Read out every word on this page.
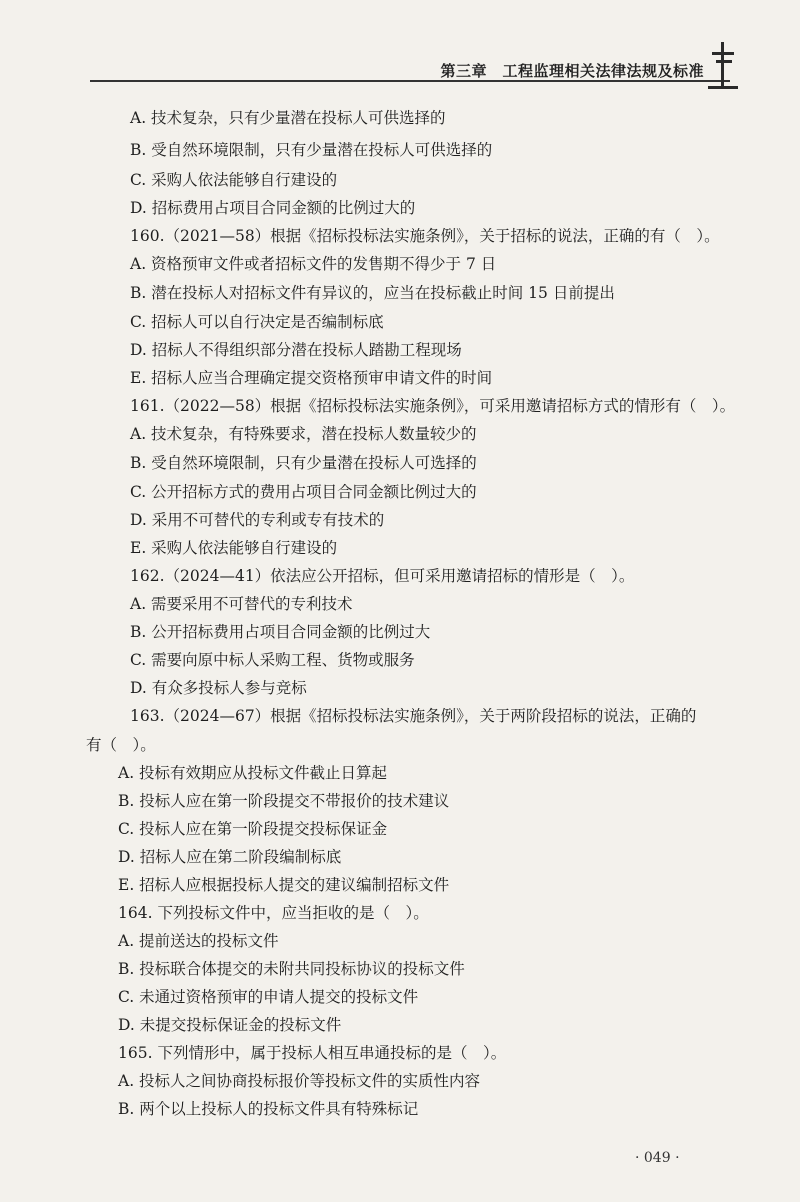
第三章　工程监理相关法律法规及标准
A. 技术复杂，只有少量潜在投标人可供选择的
B. 受自然环境限制，只有少量潜在投标人可供选择的
C. 采购人依法能够自行建设的
D. 招标费用占项目合同金额的比例过大的
160.（2021—58）根据《招标投标法实施条例》，关于招标的说法，正确的有（　）。
A. 资格预审文件或者招标文件的发售期不得少于 7 日
B. 潜在投标人对招标文件有异议的，应当在投标截止时间 15 日前提出
C. 招标人可以自行决定是否编制标底
D. 招标人不得组织部分潜在投标人踏勘工程现场
E. 招标人应当合理确定提交资格预审申请文件的时间
161.（2022—58）根据《招标投标法实施条例》，可采用邀请招标方式的情形有（　）。
A. 技术复杂，有特殊要求，潜在投标人数量较少的
B. 受自然环境限制，只有少量潜在投标人可选择的
C. 公开招标方式的费用占项目合同金额比例过大的
D. 采用不可替代的专利或专有技术的
E. 采购人依法能够自行建设的
162.（2024—41）依法应公开招标，但可采用邀请招标的情形是（　）。
A. 需要采用不可替代的专利技术
B. 公开招标费用占项目合同金额的比例过大
C. 需要向原中标人采购工程、货物或服务
D. 有众多投标人参与竞标
163.（2024—67）根据《招标投标法实施条例》，关于两阶段招标的说法，正确的
有（　）。
A. 投标有效期应从投标文件截止日算起
B. 投标人应在第一阶段提交不带报价的技术建议
C. 投标人应在第一阶段提交投标保证金
D. 招标人应在第二阶段编制标底
E. 招标人应根据投标人提交的建议编制招标文件
164. 下列投标文件中，应当拒收的是（　）。
A. 提前送达的投标文件
B. 投标联合体提交的未附共同投标协议的投标文件
C. 未通过资格预审的申请人提交的投标文件
D. 未提交投标保证金的投标文件
165. 下列情形中，属于投标人相互串通投标的是（　）。
A. 投标人之间协商投标报价等投标文件的实质性内容
B. 两个以上投标人的投标文件具有特殊标记
· 049 ·
